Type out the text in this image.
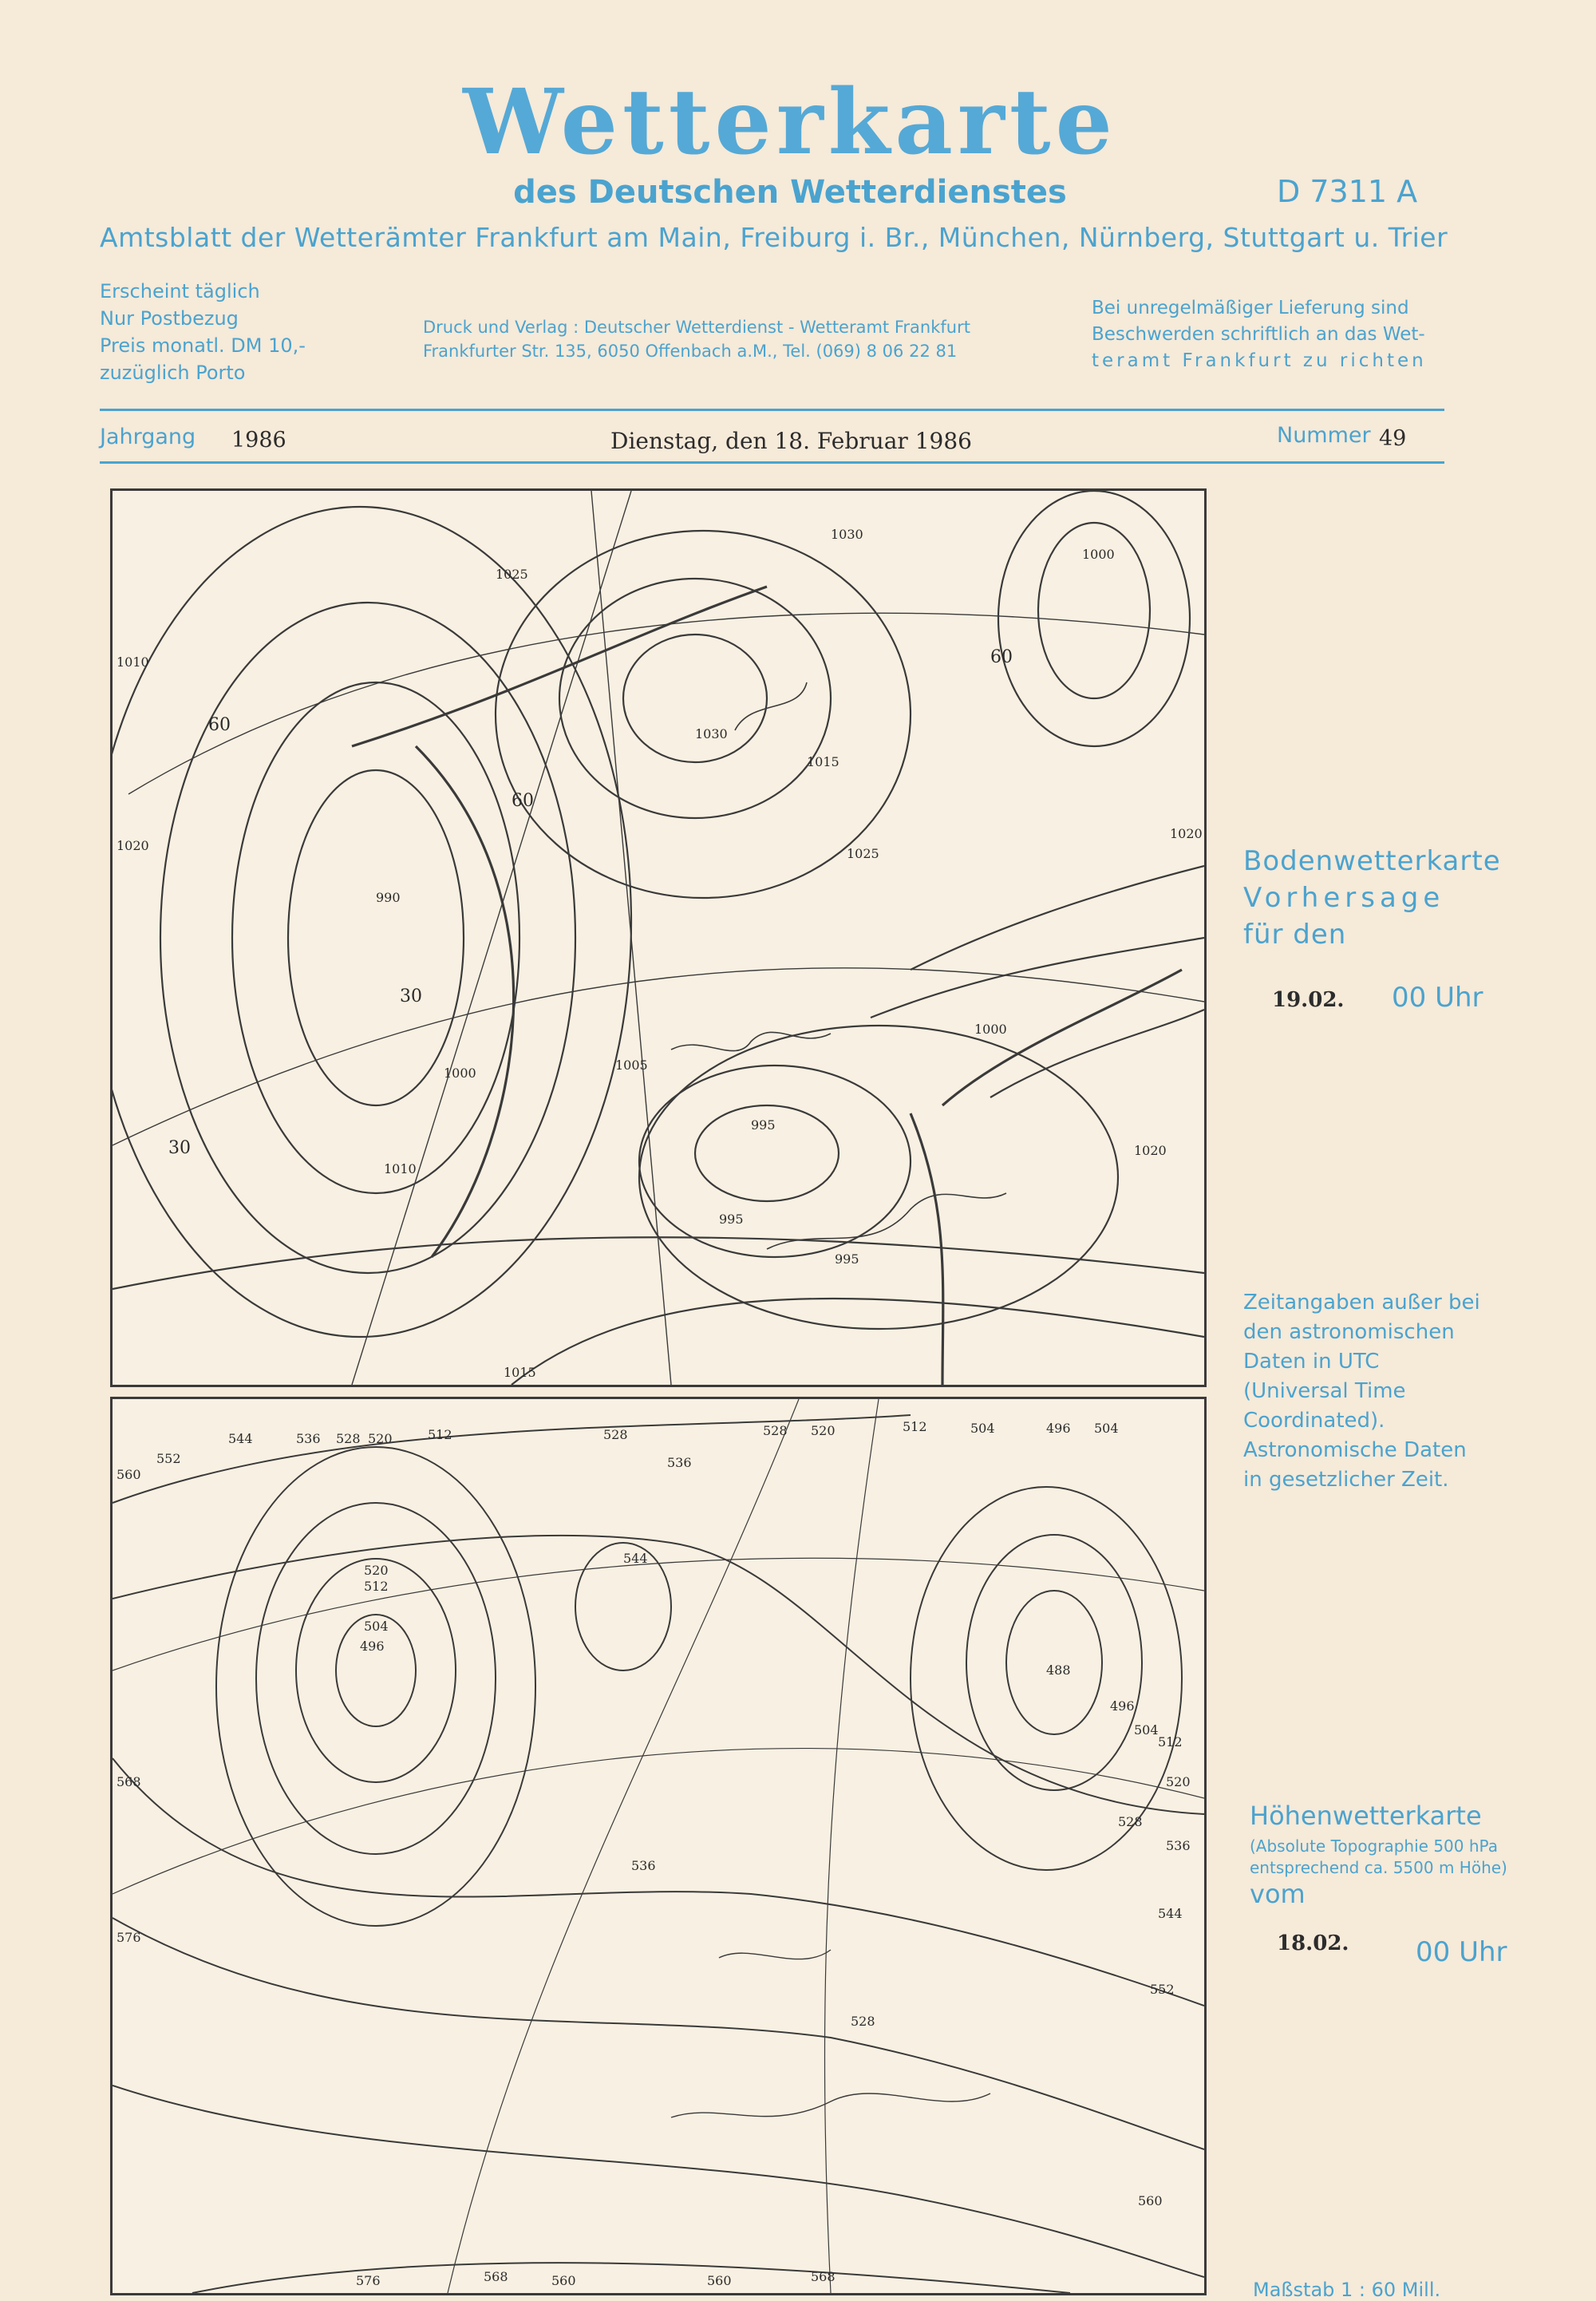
Wetterkarte
des Deutschen Wetterdienstes	D 7311 A
Amtsblatt der Wetterämter Frankfurt am Main, Freiburg i. Br., München, Nürnberg, Stuttgart u. Trier
Erscheint täglich
Nur Postbezug
Preis monatl. DM 10,-
zuzüglich Porto
Druck und Verlag : Deutscher Wetterdienst - Wetteramt Frankfurt
Frankfurter Str. 135, 6050 Offenbach a.M., Tel. (069) 8 06 22 81
Bei unregelmäßiger Lieferung sind
Beschwerden schriftlich an das Wet-
teramt Frankfurt zu richten
Jahrgang 1986	Dienstag, den 18. Februar 1986	Nummer 49
1025
1030
1030
1000
1010
1020
1015
1025
990
1000
1005
1010
995
995
995
1000
1020
1015
1020
60
30
60
30
60
Bodenwetterkarte
Vorhersage
für den
19.02. 00 Uhr
Zeitangaben außer bei
den astronomischen
Daten in UTC
(Universal Time
Coordinated).
Astronomische Daten
in gesetzlicher Zeit.
560
552
544	536 528 520	512	528
536
528 520	512	504	496 504
496
504
512
520
528
536
544
552
560
544
520
512
504
496
488
536
528
568
576
576	568	560	560	568
Höhenwetterkarte
(Absolute Topographie 500 hPa
entsprechend ca. 5500 m Höhe)
vom
18.02. 00 Uhr
Maßstab 1 : 60 Mill.
